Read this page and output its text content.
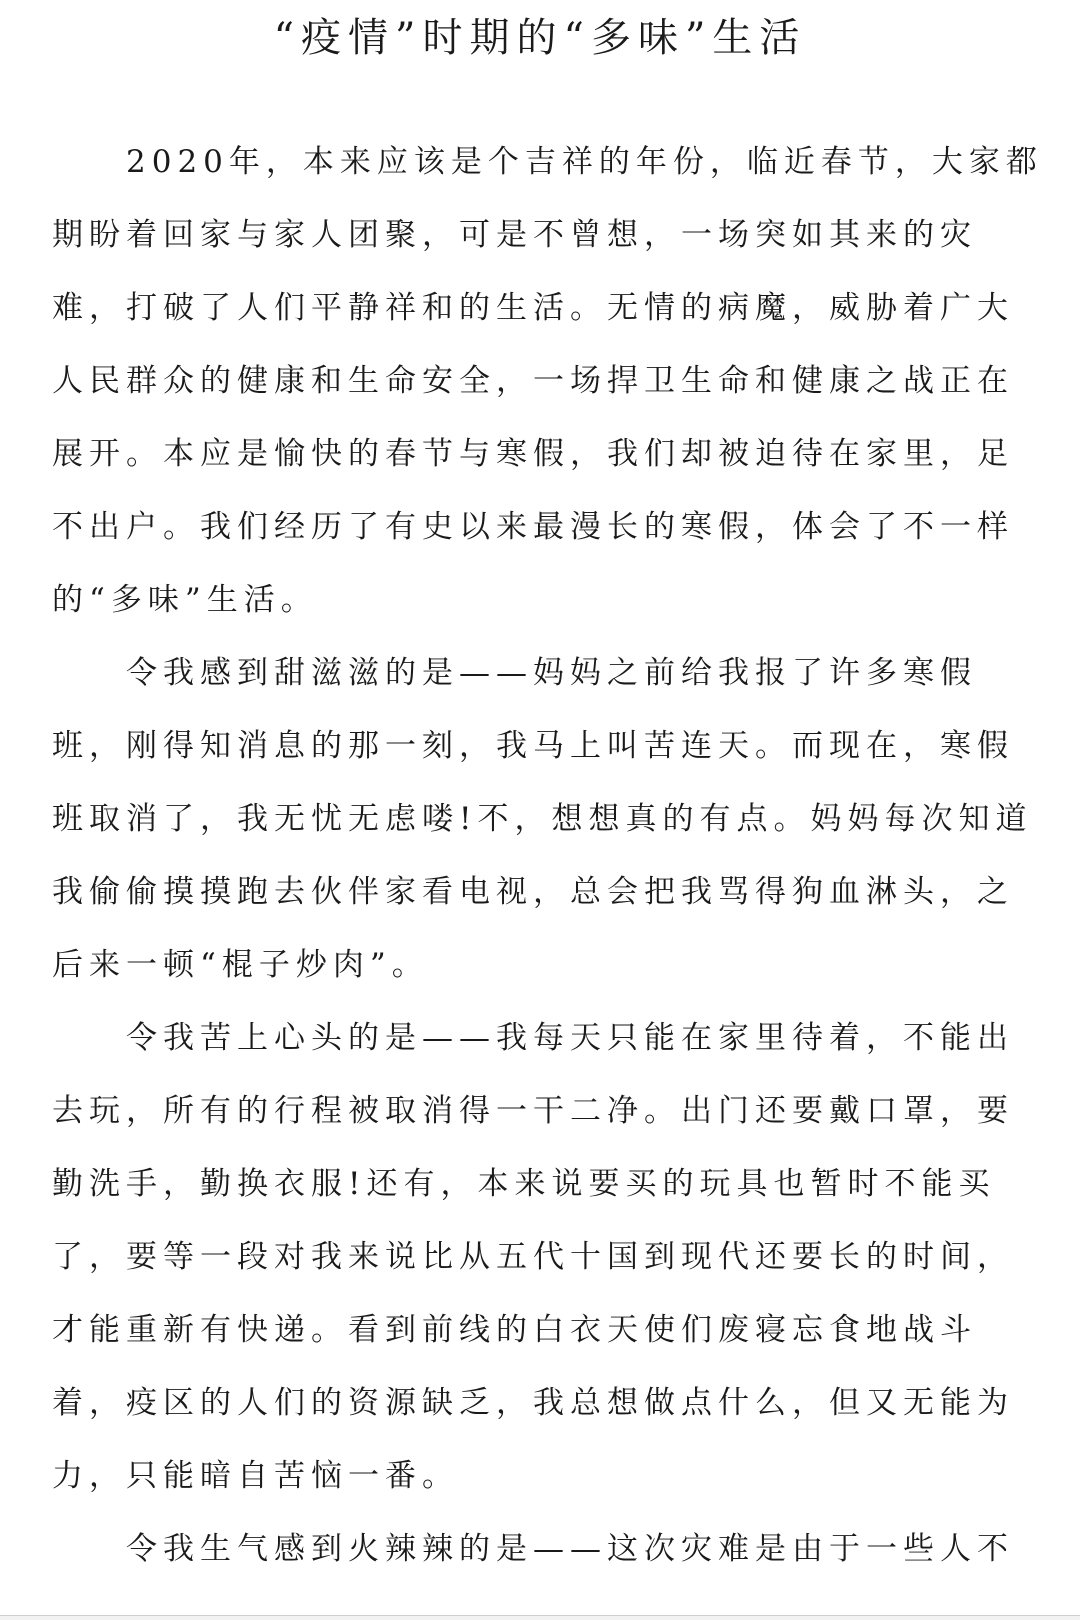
“疫情”时期的“多味”生活
　　2020年，本来应该是个吉祥的年份，临近春节，大家都
期盼着回家与家人团聚，可是不曾想，一场突如其来的灾
难，打破了人们平静祥和的生活。无情的病魔，威胁着广大
人民群众的健康和生命安全，一场捍卫生命和健康之战正在
展开。本应是愉快的春节与寒假，我们却被迫待在家里，足
不出户。我们经历了有史以来最漫长的寒假，体会了不一样
的“多味”生活。
　　令我感到甜滋滋的是——妈妈之前给我报了许多寒假
班，刚得知消息的那一刻，我马上叫苦连天。而现在，寒假
班取消了，我无忧无虑喽!不，想想真的有点。妈妈每次知道
我偷偷摸摸跑去伙伴家看电视，总会把我骂得狗血淋头，之
后来一顿“棍子炒肉”。
　　令我苦上心头的是——我每天只能在家里待着，不能出
去玩，所有的行程被取消得一干二净。出门还要戴口罩，要
勤洗手，勤换衣服!还有，本来说要买的玩具也暂时不能买
了，要等一段对我来说比从五代十国到现代还要长的时间，
才能重新有快递。看到前线的白衣天使们废寝忘食地战斗
着，疫区的人们的资源缺乏，我总想做点什么，但又无能为
力，只能暗自苦恼一番。
　　令我生气感到火辣辣的是——这次灾难是由于一些人不
